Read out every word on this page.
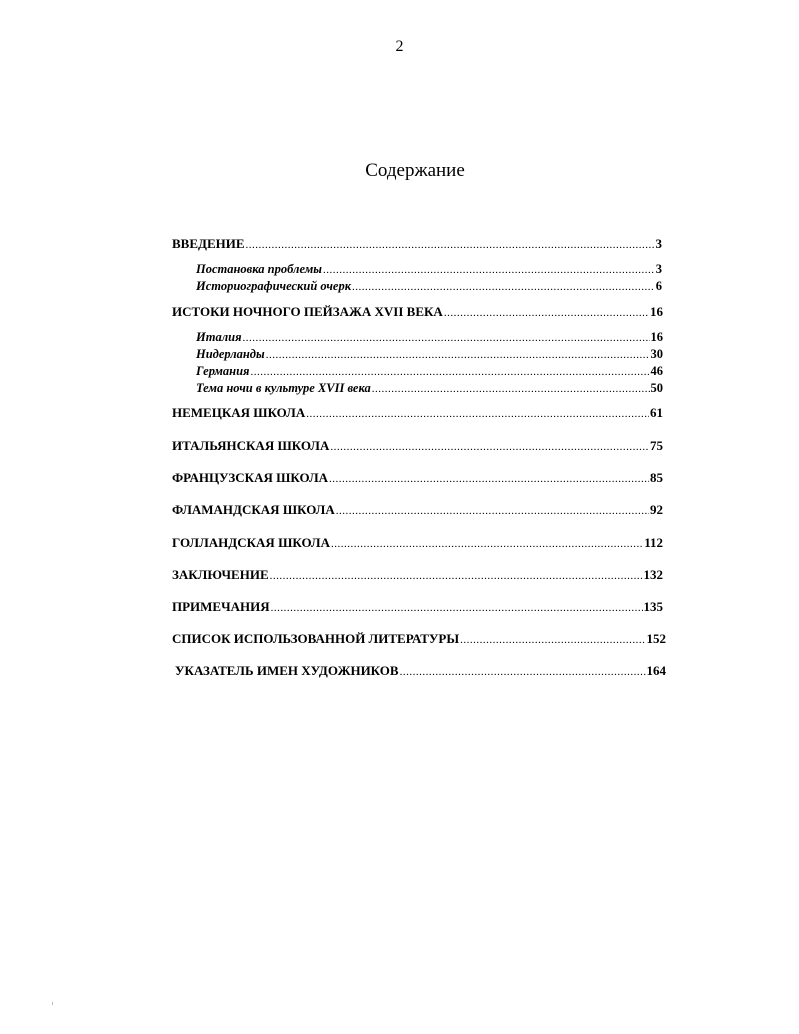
2
Содержание
ВВЕДЕНИЕ .....	3
Постановка проблемы .....	3
Историографический очерк .....	6
ИСТОКИ НОЧНОГО ПЕЙЗАЖА XVII ВЕКА .....	16
Италия .....	16
Нидерланды .....	30
Германия .....	46
Тема ночи в культуре XVII века .....	50
НЕМЕЦКАЯ ШКОЛА .....	61
ИТАЛЬЯНСКАЯ ШКОЛА .....	75
ФРАНЦУЗСКАЯ ШКОЛА .....	85
ФЛАМАНДСКАЯ ШКОЛА .....	92
ГОЛЛАНДСКАЯ ШКОЛА .....	112
ЗАКЛЮЧЕНИЕ .....	132
ПРИМЕЧАНИЯ .....	135
СПИСОК ИСПОЛЬЗОВАННОЙ ЛИТЕРАТУРЫ .....	152
УКАЗАТЕЛЬ ИМЕН ХУДОЖНИКОВ .....	164
